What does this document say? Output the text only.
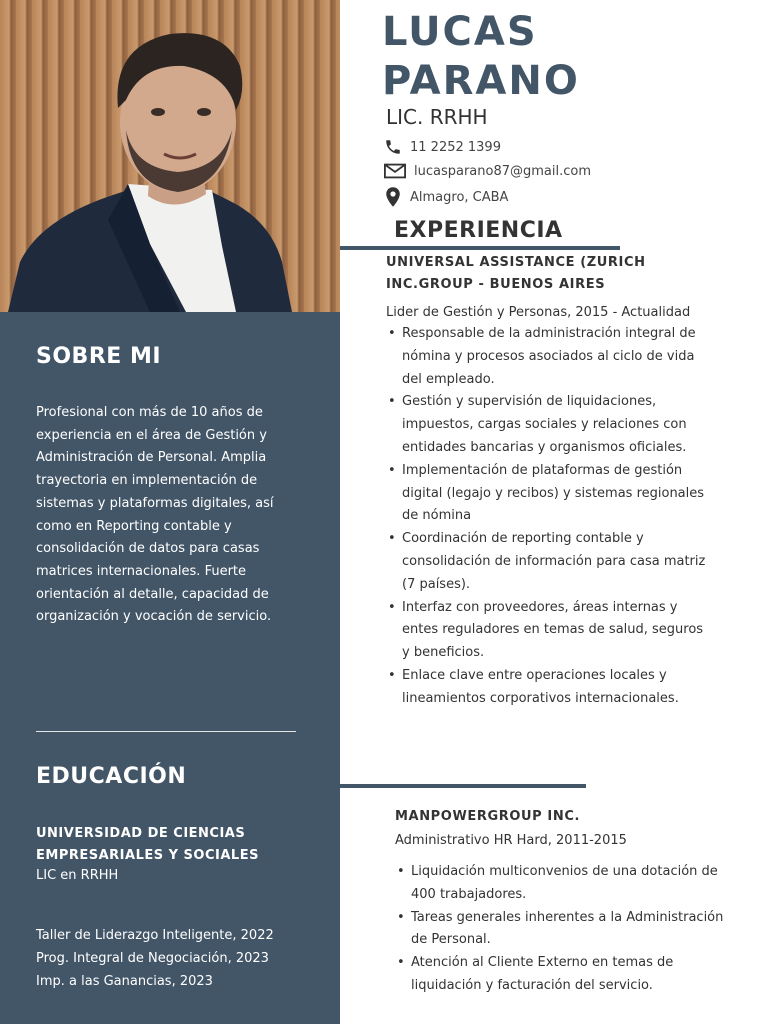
SOBRE MI

Profesional con más de 10 años de experiencia en el área de Gestión y Administración de Personal. Amplia trayectoria en implementación de sistemas y plataformas digitales, así como en Reporting contable y consolidación de datos para casas matrices internacionales. Fuerte orientación al detalle, capacidad de organización y vocación de servicio.

EDUCACIÓN

UNIVERSIDAD DE CIENCIAS EMPRESARIALES Y SOCIALES

LIC en RRHH

Taller de Liderazgo Inteligente, 2022
Prog. Integral de Negociación, 2023
Imp. a las Ganancias, 2023
LUCAS
PARANO

LIC. RRHH

11 2252 1399
lucasparano87@gmail.com
Almagro, CABA
EXPERIENCIA

UNIVERSAL ASSISTANCE (ZURICH INC.GROUP - BUENOS AIRES

Lider de Gestión y Personas, 2015 - Actualidad

• Responsable de la administración integral de nómina y procesos asociados al ciclo de vida del empleado.
• Gestión y supervisión de liquidaciones, impuestos, cargas sociales y relaciones con entidades bancarias y organismos oficiales.
• Implementación de plataformas de gestión digital (legajo y recibos) y sistemas regionales de nómina
• Coordinación de reporting contable y consolidación de información para casa matriz (7 países).
• Interfaz con proveedores, áreas internas y entes reguladores en temas de salud, seguros y beneficios.
• Enlace clave entre operaciones locales y lineamientos corporativos internacionales.

MANPOWERGROUP INC.

Administrativo HR Hard, 2011-2015

• Liquidación multiconvenios de una dotación de 400 trabajadores.
• Tareas generales inherentes a la Administración de Personal.
• Atención al Cliente Externo en temas de liquidación y facturación del servicio.
